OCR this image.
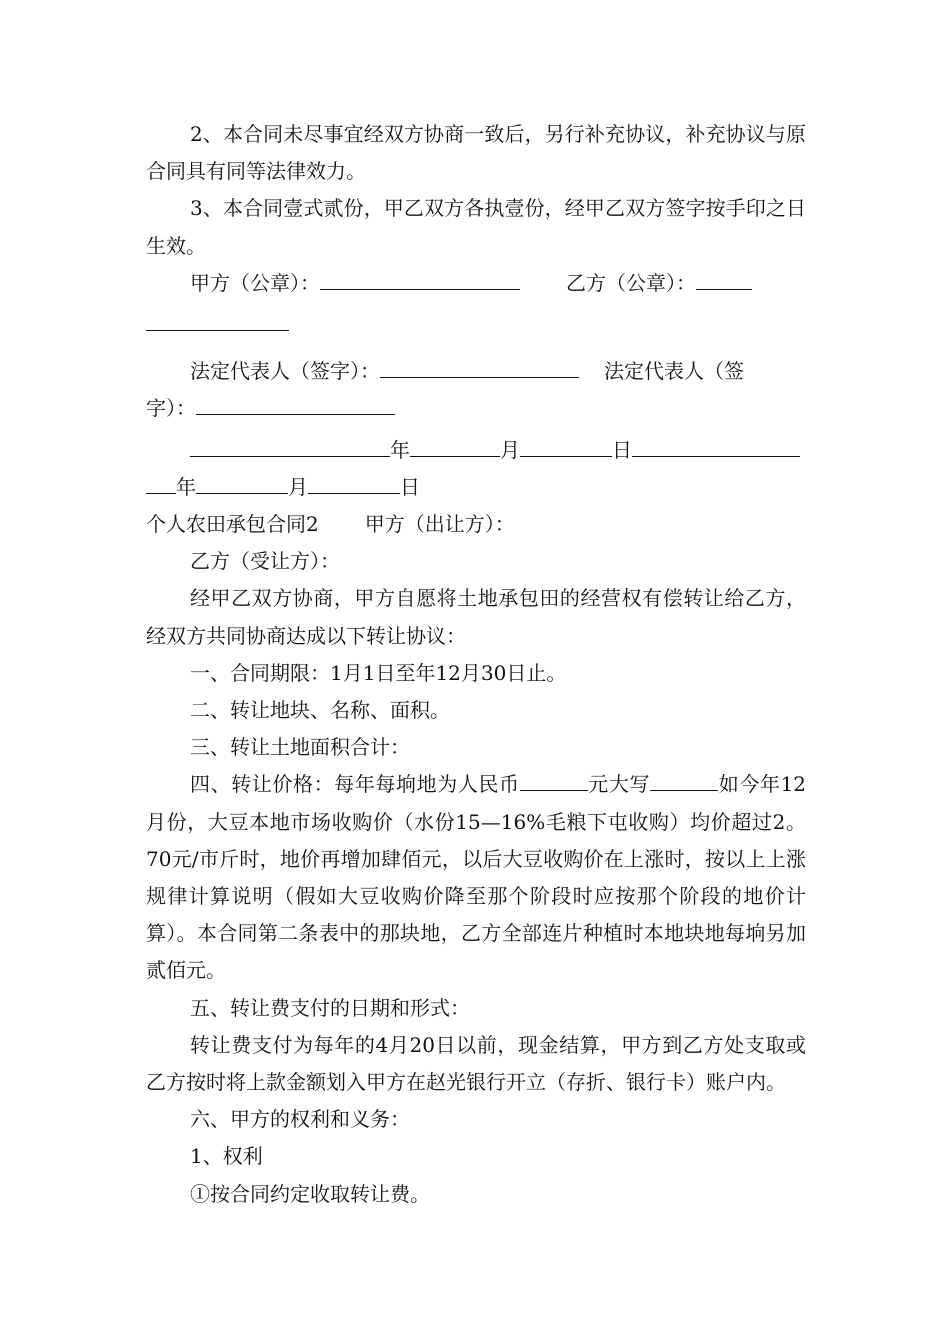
2、本合同未尽事宜经双方协商一致后，另行补充协议，补充协议与原合同具有同等法律效力。

3、本合同壹式贰份，甲乙双方各执壹份，经甲乙双方签字按手印之日生效。

甲方（公章）：	乙方（公章）：

法定代表人（签字）：	法定代表人（签

字）：

年	月	日

年	月	日

个人农田承包合同2 甲方（出让方）：

乙方（受让方）：

经甲乙双方协商，甲方自愿将土地承包田的经营权有偿转让给乙方，经双方共同协商达成以下转让协议：

一、合同期限：1月1日至年12月30日止。

二、转让地块、名称、面积。

三、转让土地面积合计：

四、转让价格：每年每垧地为人民币	元大写	如今年12月份，大豆本地市场收购价（水份15—16%毛粮下屯收购）均价超过2。70元/市斤时，地价再增加肆佰元，以后大豆收购价在上涨时，按以上上涨规律计算说明（假如大豆收购价降至那个阶段时应按那个阶段的地价计算）。本合同第二条表中的那块地，乙方全部连片种植时本地块地每垧另加贰佰元。

五、转让费支付的日期和形式：

转让费支付为每年的4月20日以前，现金结算，甲方到乙方处支取或乙方按时将上款金额划入甲方在赵光银行开立（存折、银行卡）账户内。

六、甲方的权利和义务：

1、权利

①按合同约定收取转让费。
